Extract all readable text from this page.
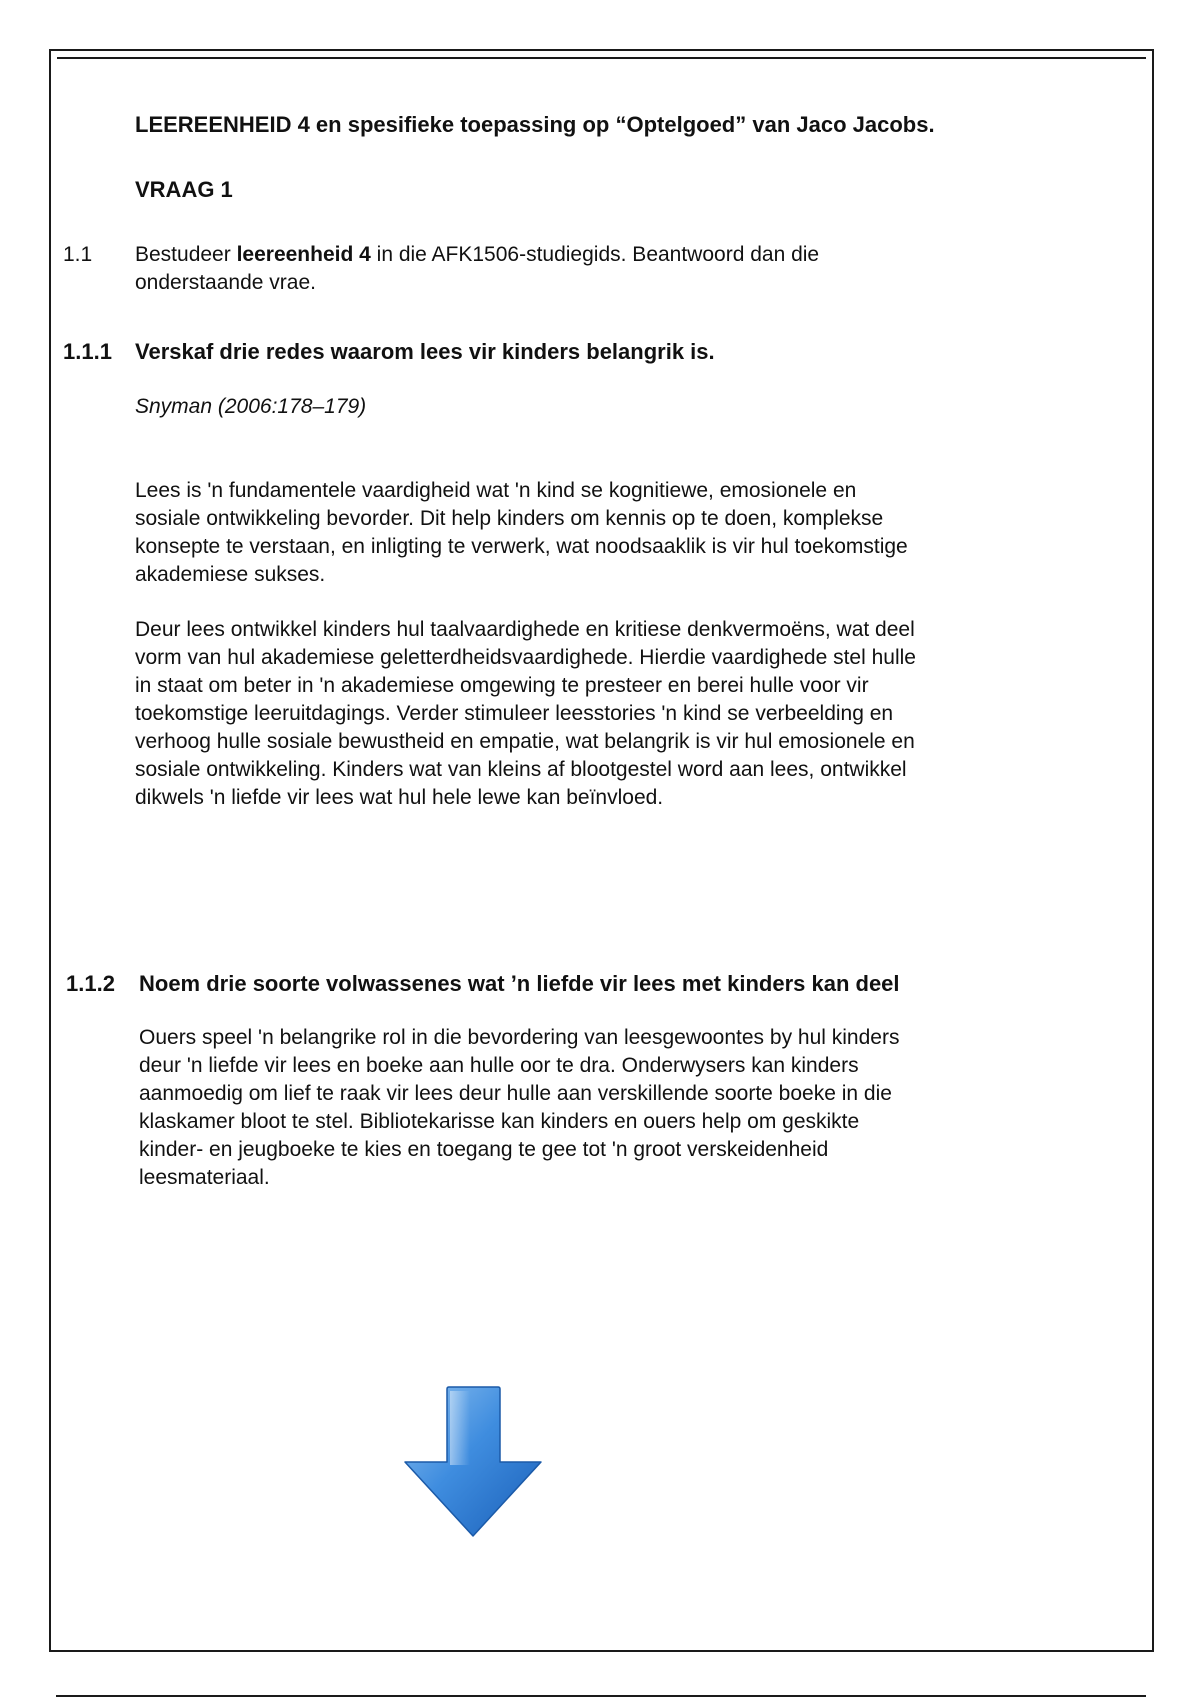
LEEREENHEID 4 en spesifieke toepassing op “Optelgoed” van Jaco Jacobs.

VRAAG 1

1.1 Bestudeer leereenheid 4 in die AFK1506-studiegids. Beantwoord dan die
onderstaande vrae.

1.1.1 Verskaf drie redes waarom lees vir kinders belangrik is.

Snyman (2006:178–179)

Lees is 'n fundamentele vaardigheid wat 'n kind se kognitiewe, emosionele en
sosiale ontwikkeling bevorder. Dit help kinders om kennis op te doen, komplekse
konsepte te verstaan, en inligting te verwerk, wat noodsaaklik is vir hul toekomstige
akademiese sukses.

Deur lees ontwikkel kinders hul taalvaardighede en kritiese denkvermoëns, wat deel
vorm van hul akademiese geletterdheidsvaardighede. Hierdie vaardighede stel hulle
in staat om beter in 'n akademiese omgewing te presteer en berei hulle voor vir
toekomstige leeruitdagings. Verder stimuleer leesstories 'n kind se verbeelding en
verhoog hulle sosiale bewustheid en empatie, wat belangrik is vir hul emosionele en
sosiale ontwikkeling. Kinders wat van kleins af blootgestel word aan lees, ontwikkel
dikwels 'n liefde vir lees wat hul hele lewe kan beïnvloed.

1.1.2 Noem drie soorte volwassenes wat ’n liefde vir lees met kinders kan deel

Ouers speel 'n belangrike rol in die bevordering van leesgewoontes by hul kinders
deur 'n liefde vir lees en boeke aan hulle oor te dra. Onderwysers kan kinders
aanmoedig om lief te raak vir lees deur hulle aan verskillende soorte boeke in die
klaskamer bloot te stel. Bibliotekarisse kan kinders en ouers help om geskikte
kinder- en jeugboeke te kies en toegang te gee tot 'n groot verskeidenheid
leesmateriaal.
